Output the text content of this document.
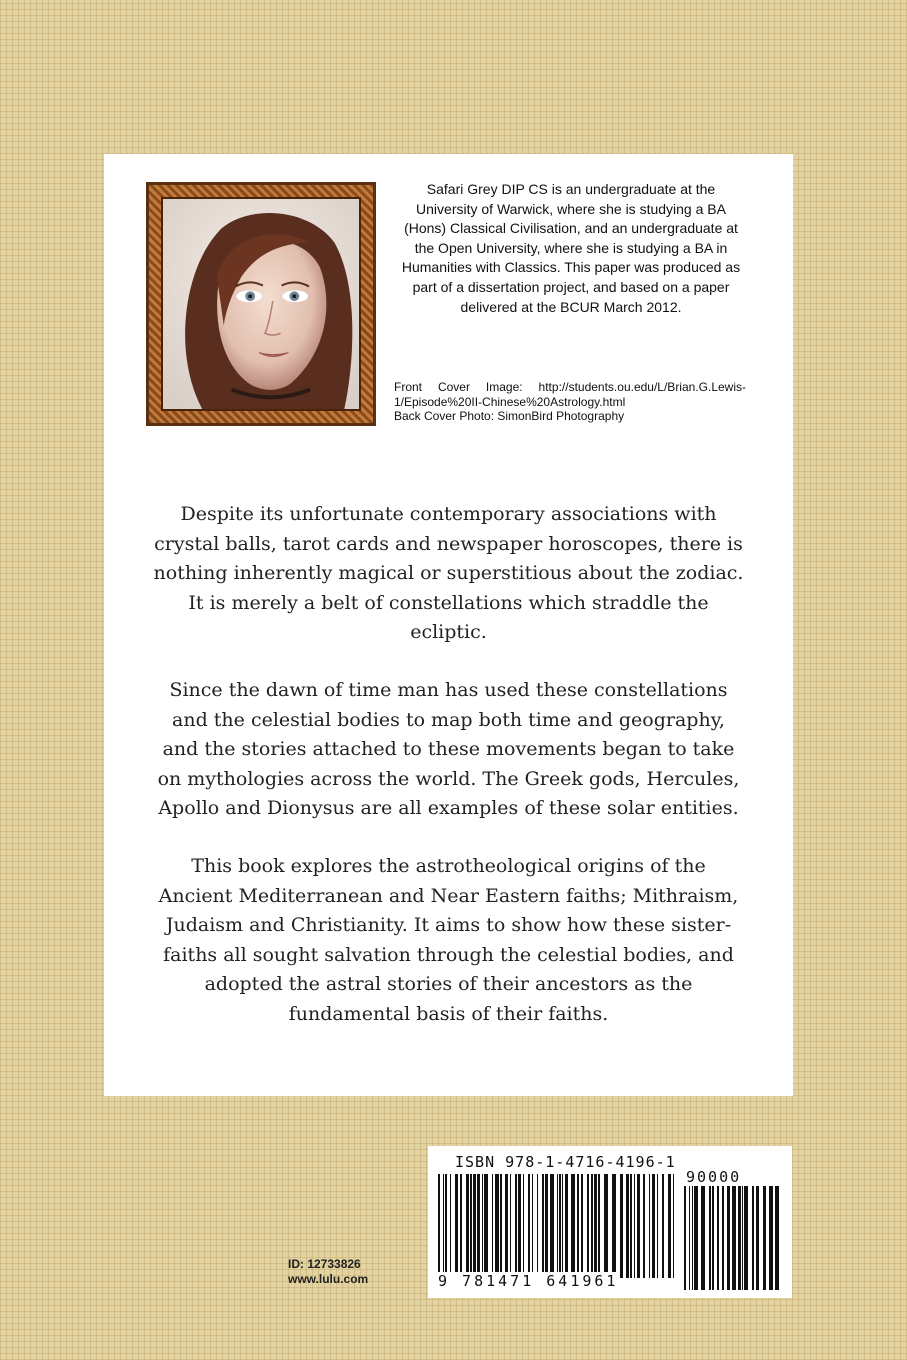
Safari Grey DIP CS is an undergraduate at the University of Warwick, where she is studying a BA (Hons) Classical Civilisation, and an undergraduate at the Open University, where she is studying a BA in Humanities with Classics. This paper was produced as part of a dissertation project, and based on a paper delivered at the BCUR March 2012.

Front Cover Image: http://students.ou.edu/L/Brian.G.Lewis-
1/Episode%20II-Chinese%20Astrology.html
Back Cover Photo: SimonBird Photography

Despite its unfortunate contemporary associations with crystal balls, tarot cards and newspaper horoscopes, there is nothing inherently magical or superstitious about the zodiac. It is merely a belt of constellations which straddle the ecliptic.

Since the dawn of time man has used these constellations and the celestial bodies to map both time and geography, and the stories attached to these movements began to take on mythologies across the world. The Greek gods, Hercules, Apollo and Dionysus are all examples of these solar entities.

This book explores the astrotheological origins of the Ancient Mediterranean and Near Eastern faiths; Mithraism, Judaism and Christianity. It aims to show how these sister-faiths all sought salvation through the celestial bodies, and adopted the astral stories of their ancestors as the fundamental basis of their faiths.

ID: 12733826
www.lulu.com
ISBN 978-1-4716-4196-1
90000
9 781471 641961
